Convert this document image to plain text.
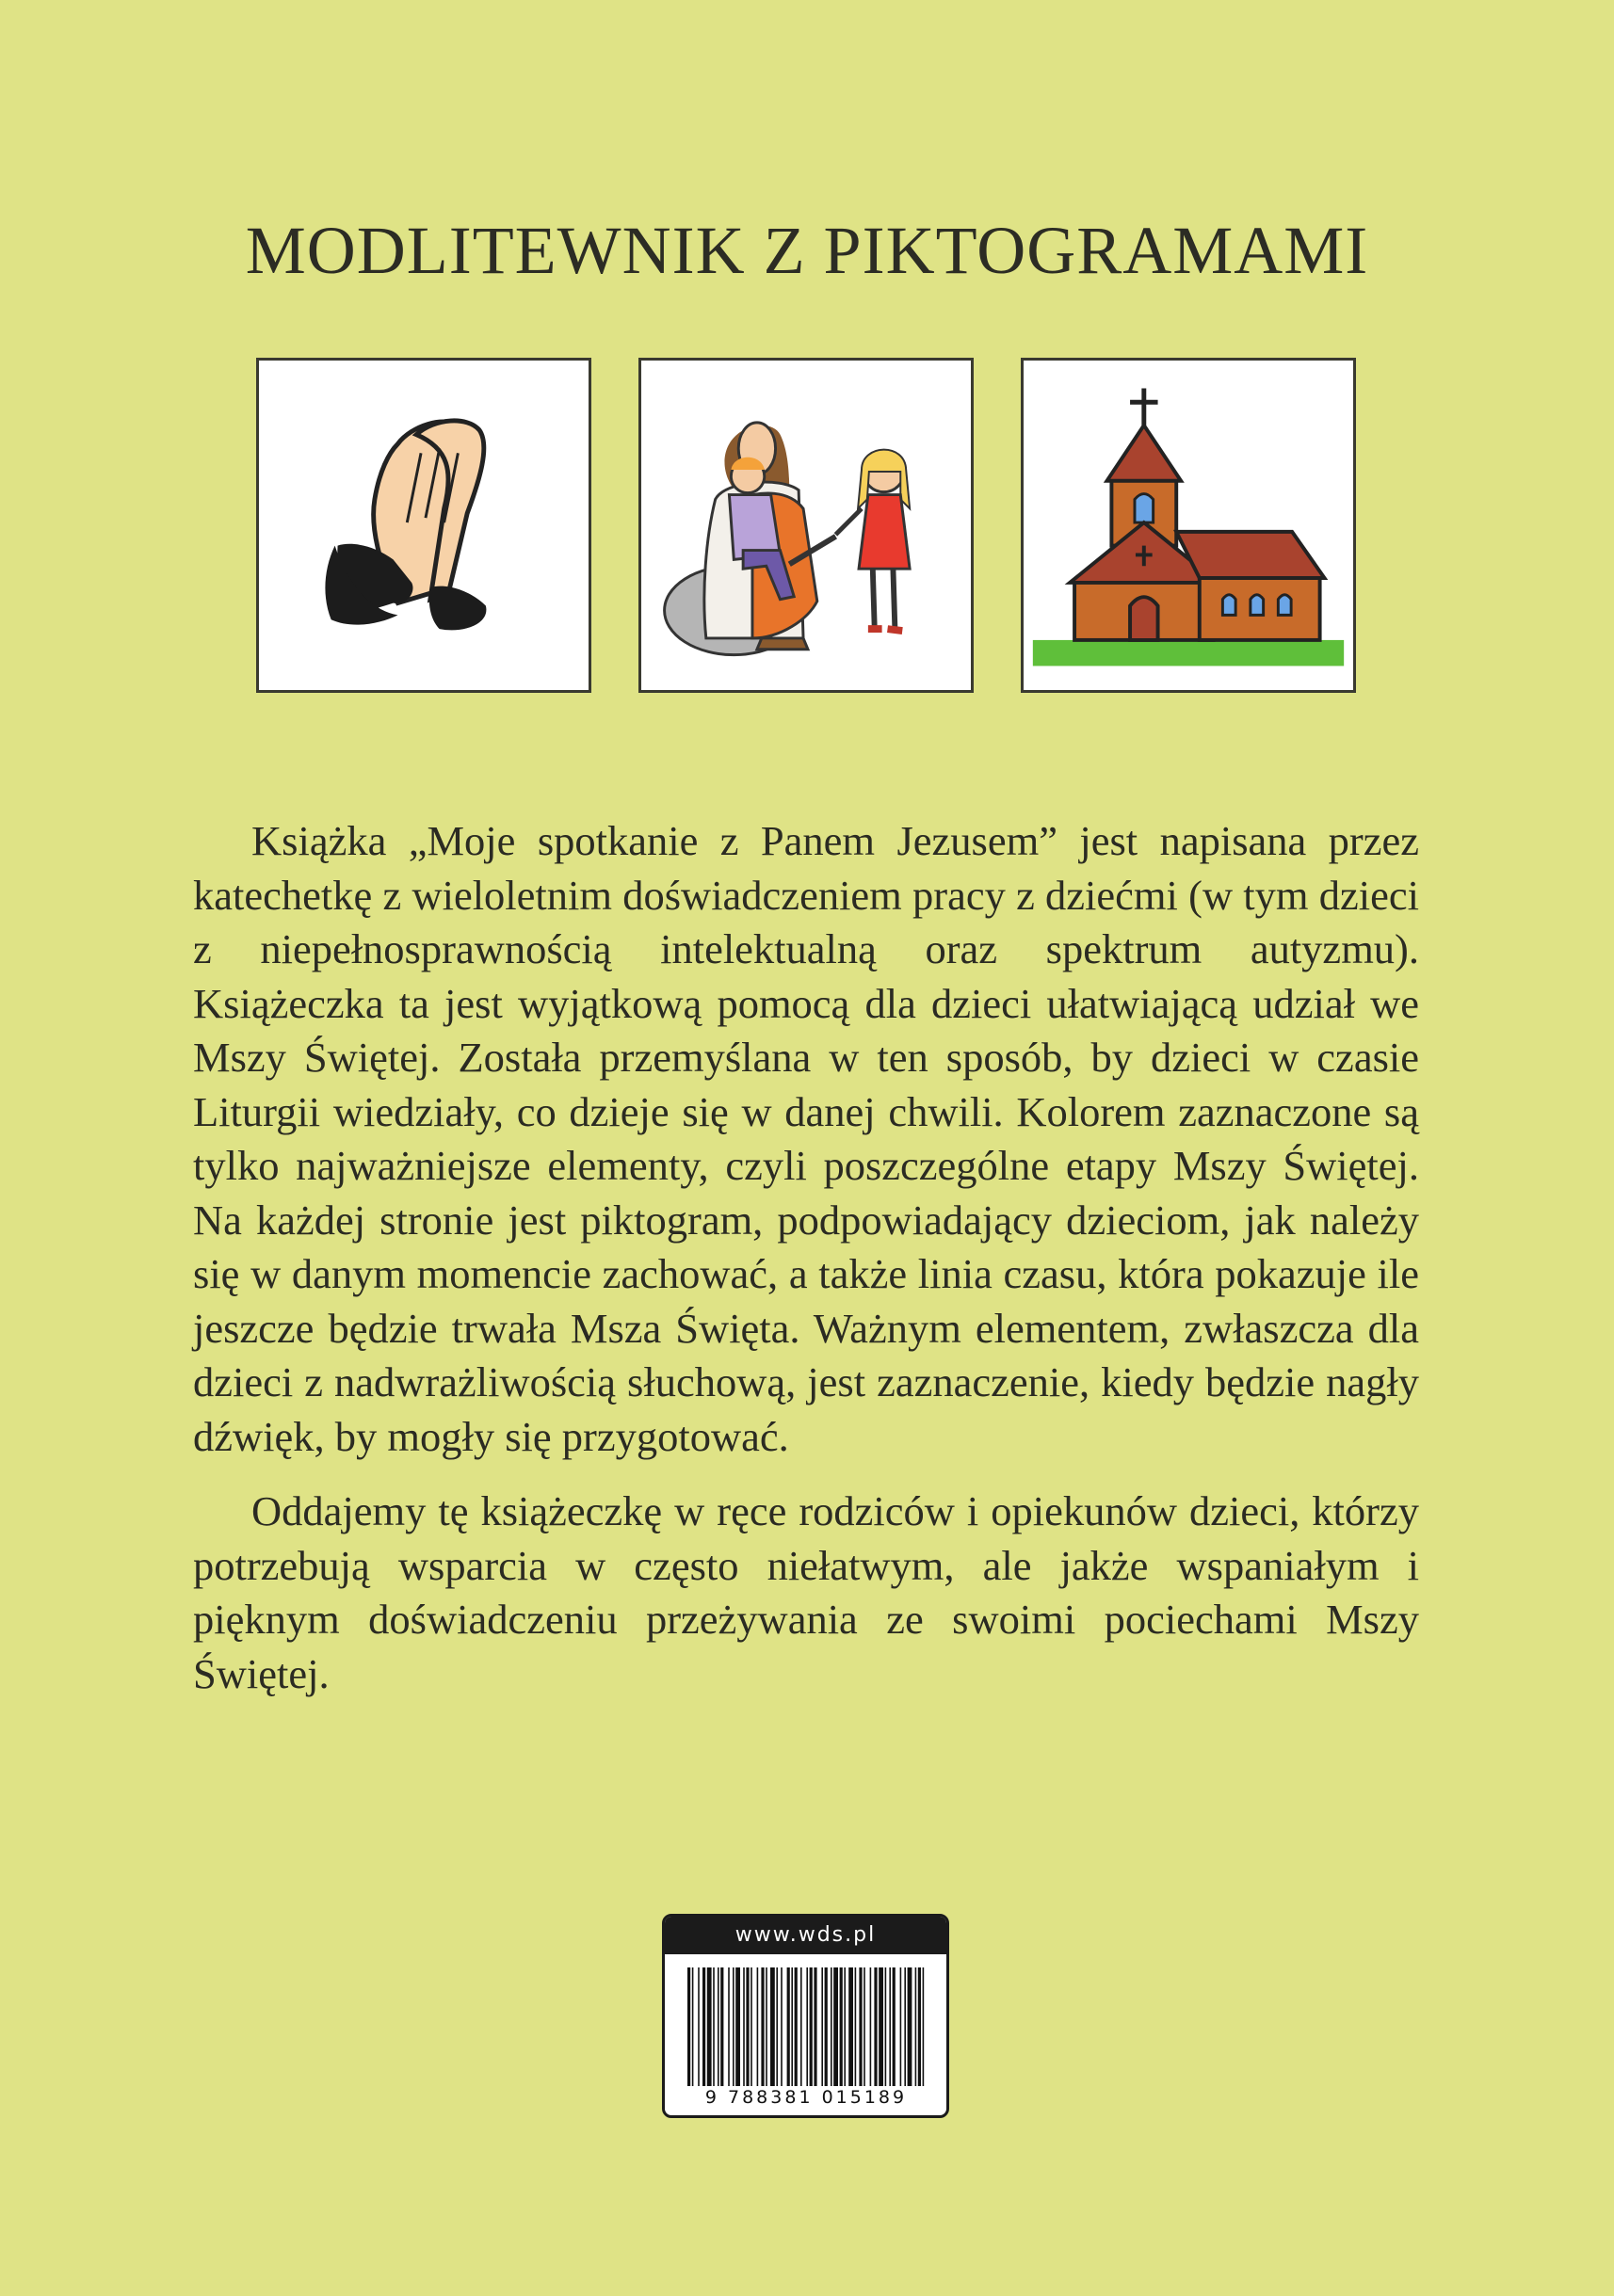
MODLITEWNIK Z PIKTOGRAMAMI

Książka „Moje spotkanie z Panem Jezusem” jest napisana przez katechetkę z wieloletnim doświadczeniem pracy z dziećmi (w tym dzieci z niepełnosprawnością intelektualną oraz spektrum autyzmu). Książeczka ta jest wyjątkową pomocą dla dzieci ułatwiającą udział we Mszy Świętej. Została przemyślana w ten sposób, by dzieci w czasie Liturgii wiedziały, co dzieje się w danej chwili. Kolorem zaznaczone są tylko najważniejsze elementy, czyli poszczególne etapy Mszy Świętej. Na każdej stronie jest piktogram, podpowiadający dzieciom, jak należy się w danym momencie zachować, a także linia czasu, która pokazuje ile jeszcze będzie trwała Msza Święta. Ważnym elementem, zwłaszcza dla dzieci z nadwrażliwością słuchową, jest zaznaczenie, kiedy będzie nagły dźwięk, by mogły się przygotować.

Oddajemy tę książeczkę w ręce rodziców i opiekunów dzieci, którzy potrzebują wsparcia w często niełatwym, ale jakże wspaniałym i pięknym doświadczeniu przeżywania ze swoimi pociechami Mszy Świętej.

www.wds.pl
9 788381 015189
